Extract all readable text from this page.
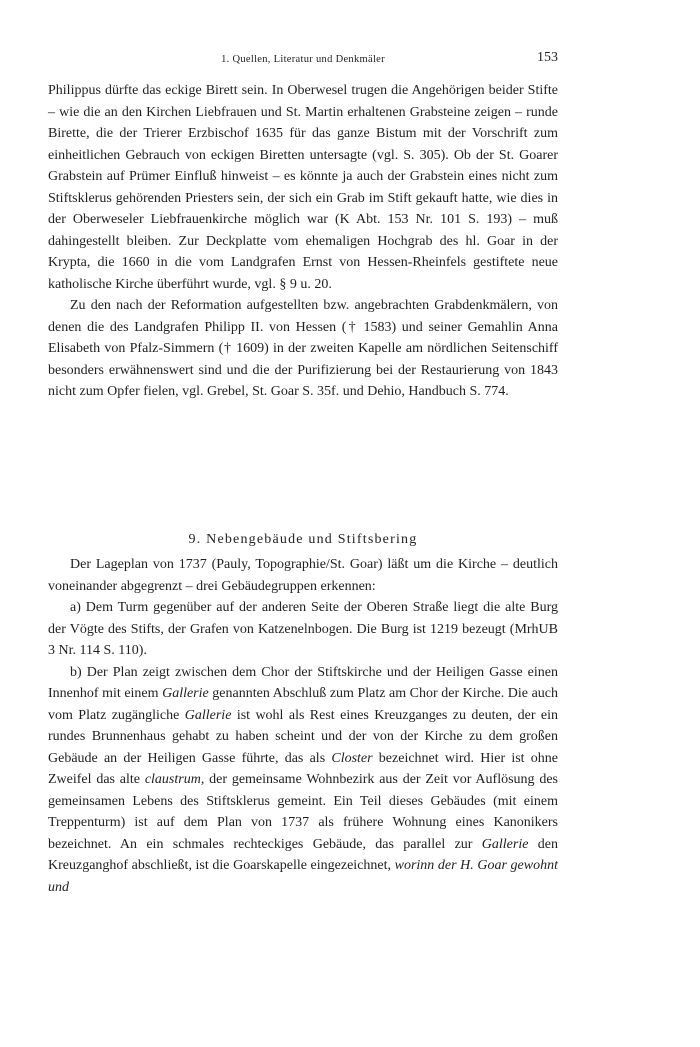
1. Quellen, Literatur und Denkmäler	153

Philippus dürfte das eckige Birett sein. In Oberwesel trugen die Angehörigen beider Stifte – wie die an den Kirchen Liebfrauen und St. Martin erhaltenen Grabsteine zeigen – runde Birette, die der Trierer Erzbischof 1635 für das ganze Bistum mit der Vorschrift zum einheitlichen Gebrauch von eckigen Biretten untersagte (vgl. S. 305). Ob der St. Goarer Grabstein auf Prümer Einfluß hinweist – es könnte ja auch der Grabstein eines nicht zum Stiftsklerus gehörenden Priesters sein, der sich ein Grab im Stift gekauft hatte, wie dies in der Oberweseler Liebfrauenkirche möglich war (K Abt. 153 Nr. 101 S. 193) – muß dahingestellt bleiben. Zur Deckplatte vom ehemaligen Hochgrab des hl. Goar in der Krypta, die 1660 in die vom Landgrafen Ernst von Hessen-Rheinfels gestiftete neue katholische Kirche überführt wurde, vgl. § 9 u. 20.

Zu den nach der Reformation aufgestellten bzw. angebrachten Grabdenkmälern, von denen die des Landgrafen Philipp II. von Hessen († 1583) und seiner Gemahlin Anna Elisabeth von Pfalz-Simmern († 1609) in der zweiten Kapelle am nördlichen Seitenschiff besonders erwähnenswert sind und die der Purifizierung bei der Restaurierung von 1843 nicht zum Opfer fielen, vgl. Grebel, St. Goar S. 35f. und Dehio, Handbuch S. 774.

9. Nebengebäude und Stiftsbering

Der Lageplan von 1737 (Pauly, Topographie/St. Goar) läßt um die Kirche – deutlich voneinander abgegrenzt – drei Gebäudegruppen erkennen:

a) Dem Turm gegenüber auf der anderen Seite der Oberen Straße liegt die alte Burg der Vögte des Stifts, der Grafen von Katzenelnbogen. Die Burg ist 1219 bezeugt (MrhUB 3 Nr. 114 S. 110).

b) Der Plan zeigt zwischen dem Chor der Stiftskirche und der Heiligen Gasse einen Innenhof mit einem Gallerie genannten Abschluß zum Platz am Chor der Kirche. Die auch vom Platz zugängliche Gallerie ist wohl als Rest eines Kreuzganges zu deuten, der ein rundes Brunnenhaus gehabt zu haben scheint und der von der Kirche zu dem großen Gebäude an der Heiligen Gasse führte, das als Closter bezeichnet wird. Hier ist ohne Zweifel das alte claustrum, der gemeinsame Wohnbezirk aus der Zeit vor Auflösung des gemeinsamen Lebens des Stiftsklerus gemeint. Ein Teil dieses Gebäudes (mit einem Treppenturm) ist auf dem Plan von 1737 als frühere Wohnung eines Kanonikers bezeichnet. An ein schmales rechteckiges Gebäude, das parallel zur Gallerie den Kreuzganghof abschließt, ist die Goarskapelle eingezeichnet, worinn der H. Goar gewohnt und
